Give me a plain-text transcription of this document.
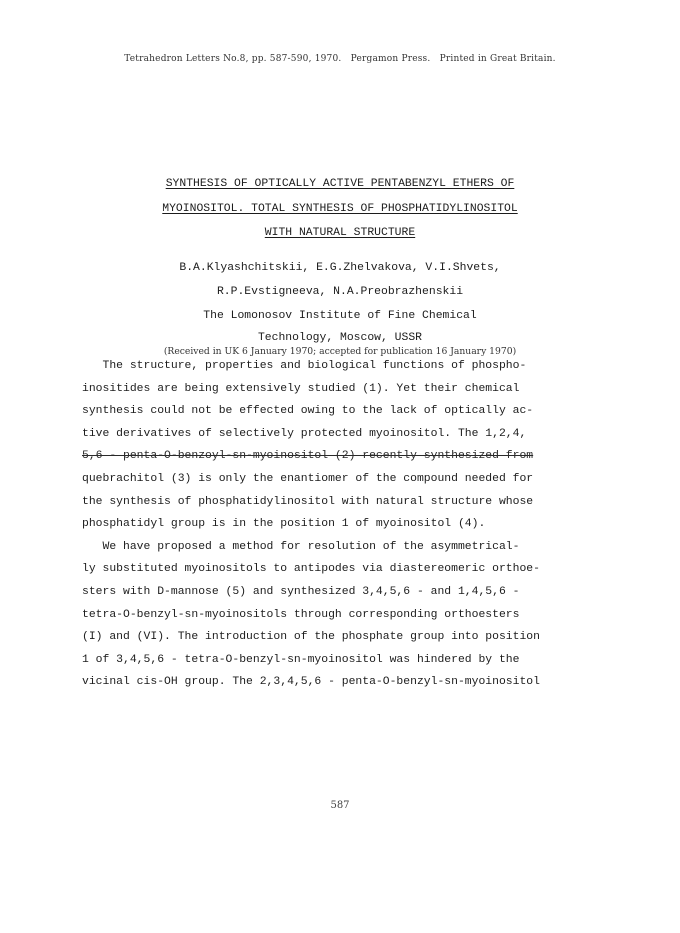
Tetrahedron Letters No.8, pp. 587-590, 1970.   Pergamon Press.   Printed in Great Britain.
SYNTHESIS OF OPTICALLY ACTIVE PENTABENZYL ETHERS OF
MYOINOSITOL. TOTAL SYNTHESIS OF PHOSPHATIDYLINOSITOL
WITH NATURAL STRUCTURE
B.A.Klyashchitskii, E.G.Zhelvakova, V.I.Shvets,
R.P.Evstigneeva, N.A.Preobrazhenskii
The Lomonosov Institute of Fine Chemical
Technology, Moscow, USSR
(Received in UK 6 January 1970; accepted for publication 16 January 1970)
The structure, properties and biological functions of phospho-
inositides are being extensively studied (1). Yet their chemical
synthesis could not be effected owing to the lack of optically ac-
tive derivatives of selectively protected myoinositol. The 1,2,4,
5,6 - penta-O-benzoyl-sn-myoinositol (2) recently synthesized from
quebrachitol (3) is only the enantiomer of the compound needed for
the synthesis of phosphatidylinositol with natural structure whose
phosphatidyl group is in the position 1 of myoinositol (4).
We have proposed a method for resolution of the asymmetrical-
ly substituted myoinositols to antipodes via diastereomeric orthoe-
sters with D-mannose (5) and synthesized 3,4,5,6 - and 1,4,5,6 -
tetra-O-benzyl-sn-myoinositols through corresponding orthoesters
(I) and (VI). The introduction of the phosphate group into position
1 of 3,4,5,6 - tetra-O-benzyl-sn-myoinositol was hindered by the
vicinal cis-OH group. The 2,3,4,5,6 - penta-O-benzyl-sn-myoinositol
587
